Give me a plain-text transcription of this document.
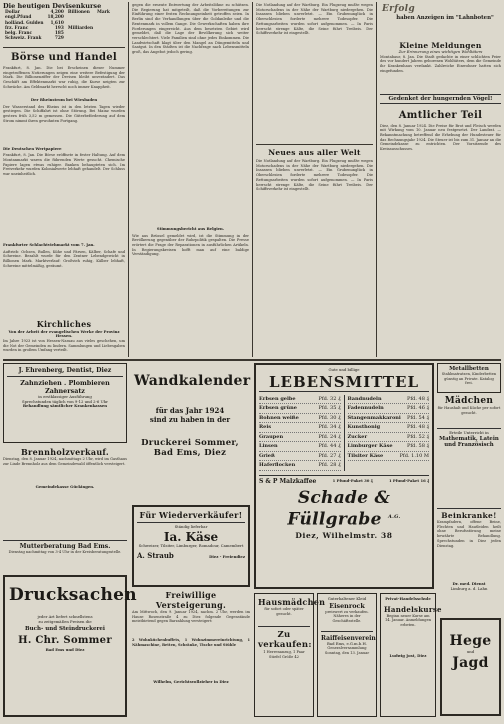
Die heutigen Devisenkurse
Dollar	4,200	Billionen	Mark
engl.Pfund	18,200		
holländ. Gulden	1,610		
frz. Franc	193	Milliarden	
belg. Franc	185		
Schweiz. Frank	729		
Börse und Handel
Frankfurt, 8. Jan. Die bei Erscheinen dieser Nummer eingetroffenen Notierungen zeigen eine weitere Befestigung der Mark. Die Billionenziffer der Devisen bleibt unverändert. Das Geschäft am Effektenmarkt war ruhig, die Kurse neigten zur Schwäche. Am Geldmarkt herrscht noch immer Knappheit.
Der Rheinstrom bei Wiesbaden
Der Wasserstand des Rheins ist in den letzten Tagen wieder gestiegen. Die Schiffahrt ist ohne Störung. Bei Mainz wurden gestern früh 3,52 m gemessen. Die Güterbeförderung auf dem Strom nimmt ihren gewohnten Fortgang.
Die Deutschen Wertpapiere
Frankfurt, 8. Jan. Die Börse eröffnete in fester Haltung. Auf dem Montanmarkt waren die führenden Werte gesucht. Chemische Papiere lagen etwas ruhiger. Banken behaupteten sich. Im Freiverkehr wurden Kolonialwerte lebhaft gehandelt. Der Schluss war uneinheitlich.
Frankfurter Schlachtviehmarkt vom 7. Jan.
Auftrieb: Ochsen, Bullen, Kühe und Färsen, Kälber, Schafe und Schweine. Bezahlt wurde für den Zentner Lebendgewicht in Billionen Mark. Marktverlauf: Großvieh ruhig, Kälber lebhaft, Schweine mittelmäßig, geräumt.
Kirchliches
Von der Arbeit der evangelischen Werke der Provinz Hessen.
Im Jahre 1923 ist von Hessen-Nassau aus vieles geschehen, um die Not der Gemeinden zu lindern. Sammlungen und Liebesgaben wurden in großem Umfang verteilt.
gegen die erneute Entwertung der Arbeitslöhne zu schützen. Die Regierung hat mitgeteilt, daß die Vorbereitungen zur Einführung einer festen Rechnungseinheit getroffen seien. In Berlin sind die Verhandlungen über die Goldanleihe und die Rentenmark in vollem Gange. Die Gewerkschaften haben ihre Forderungen eingereicht. Aus dem besetzten Gebiet wird gemeldet, daß die Lage der Bevölkerung sich weiter verschlechtert. Viele Familien sind ohne jedes Einkommen. Die Landwirtschaft klagt über den Mangel an Düngemitteln und Saatgut. In den Städten ist die Nachfrage nach Lebensmitteln groß, das Angebot jedoch gering.
Stimmungsbericht aus Belgien.
Wie aus Brüssel gemeldet wird, ist die Stimmung in der Bevölkerung gegenüber der Ruhrpolitik gespalten. Die Presse erörtert die Frage der Reparationen in ausführlichen Artikeln. In Regierungskreisen hofft man auf eine baldige Verständigung.
Die Notlandung auf der Wartburg. Ein Flugzeug mußte wegen Motorschadens in der Nähe der Wartburg niedergehen. Die Insassen blieben unverletzt. — Ein Grubenunglück in Oberschlesien forderte mehrere Todesopfer. Die Rettungsarbeiten wurden sofort aufgenommen. — In Paris herrscht strenge Kälte, die Seine führt Treibeis. Der Schiffsverkehr ist eingestellt.
Neues aus aller Welt
Die Notlandung auf der Wartburg. Ein Flugzeug mußte wegen Motorschadens in der Nähe der Wartburg niedergehen. Die Insassen blieben unverletzt. — Ein Grubenunglück in Oberschlesien forderte mehrere Todesopfer. Die Rettungsarbeiten wurden sofort aufgenommen. — In Paris herrscht strenge Kälte, die Seine führt Treibeis. Der Schiffsverkehr ist eingestellt.
Erfolg
haben Anzeigen im "Lahnboten"
Kleine Meldungen
Zur Erinnerung eines wichtigen Wohltäters
Montabaur, 8. Jan. Die Stadt gedachte in einer schlichten Feier des vor hundert Jahren geborenen Wohltäters, dem die Gemeinde ihr Krankenhaus verdankt. Zahlreiche Einwohner hatten sich eingefunden.
Gedenket der hungernden Vögel!
Amtlicher Teil
Diez, den 8. Januar 1924. Die Preise für Brot und Fleisch werden mit Wirkung vom 10. Januar neu festgesetzt. Der Landrat. — Bekanntmachung betreffend die Erhebung der Hundesteuer für das Rechnungsjahr 1924. Die Steuer ist bis zum 31. Januar an die Gemeindekasse zu entrichten. Der Vorsitzende des Kreisausschusses.
J. Ehrenberg, Dentist, Diez
Zahnziehen . Plombieren
Zahnersatz
in erstklassiger Ausführung
Sprechstunden täglich von 9-12 und 2-6 Uhr
Behandlung sämtlicher Krankenkassen
Brennholzverkauf.
Dienstag, den 8. Januar 1924, nachmittags 2 Uhr, wird im Gasthaus zur Linde Brennholz aus dem Gemeindewald öffentlich versteigert.
Gemeindekasse Gückingen.
Mutterberatung Bad Ems.
Dienstag nachmittag von 3-4 Uhr in der Kreisberatungsstelle.
Drucksachen
jeder Art liefert schnellstens
zu zeitgemäßen Preisen die
Buch- und Steindruckerei
H. Chr. Sommer
Bad Ems und Diez
Wandkalender
für das Jahr 1924
sind zu haben in der
Druckerei Sommer, Bad Ems, Diez
Für Wiederverkäufer!
Ständig lieferbar
Ia. Käse
Schweizer, Tilsiter, Limburger, Romadour, Camembert
A. Straub	Diez - Freiendiez
Freiwillige Versteigerung.
Am Mittwoch, den 9. Januar 1924, nachm. 2 Uhr, werden im Hause Rosenstraße 4 zu Diez folgende Gegenstände meistbietend gegen Barzahlung versteigert:
2 Wohnküchenbuffets, 1 Wohnzimmereinrichtung, 1 Nähmaschine, Betten, Schränke, Tische und Stühle
Wilhelm, Gerichtsvollzieher in Diez
Gute und billige
LEBENSMITTEL
Erbsen gelbe	Pfd. 32 ₰
Erbsen grüne	Pfd. 35 ₰
Bohnen weiße	Pfd. 30 ₰
Reis	Pfd. 34 ₰
Graupen	Pfd. 24 ₰
Linsen	Pfd. 44 ₰
Grieß	Pfd. 27 ₰
Haferflocken	Pfd. 28 ₰
Bandnudeln	Pfd. 48 ₰
Fadennudeln	Pfd. 46 ₰
Stangenmakkaroni Pfd. 54 ₰
Kunsthonig	Pfd. 48 ₰
Zucker	Pfd. 52 ₰
Limburger Käse	Pfd. 58 ₰
Tilsiter Käse	Pfd. 1.10 M
S & P Malzkaffee	1 Pfund-Paket 30 ₰	1 Pfund-Paket 16 ₰
Schade & Füllgrabe $^{A.G.}$
Diez, Wilhelmstr. 38
Metallbetten
Stahlmatratzen, Kinderbetten günstig an Private. Katalog frei.
Mädchen
für Haushalt und Küche per sofort gesucht.
Erteile Unterricht in
Mathematik, Latein und Französisch
Beinkranke!
Krampfadern, offene Beine, Flechten und Hautleiden heilt ohne Berufsstörung meine bewährte Behandlung. Sprechstunden in Diez jeden Dienstag.
Dr. med. Dienst
Limburg a. d. Lahn
Hege
und
Jagd
Hausmädchen
für sofort oder später gesucht.
Zu verkaufen:
1 Herrenanzug, 1 Paar Stiefel Größe 42
Guterhaltener Kleid
Eisenrock
preiswert zu verkaufen. Näheres in der Geschäftsstelle.
Raiffeisenverein
Bad Ems, e.G.m.b.H.
Generalversammlung Sonntag, den 13. Januar
Privat-Handelsschule
Handelskurse
Beginn neuer Kurse am 14. Januar. Anmeldungen erbeten.
Ludwig Jost, Diez
